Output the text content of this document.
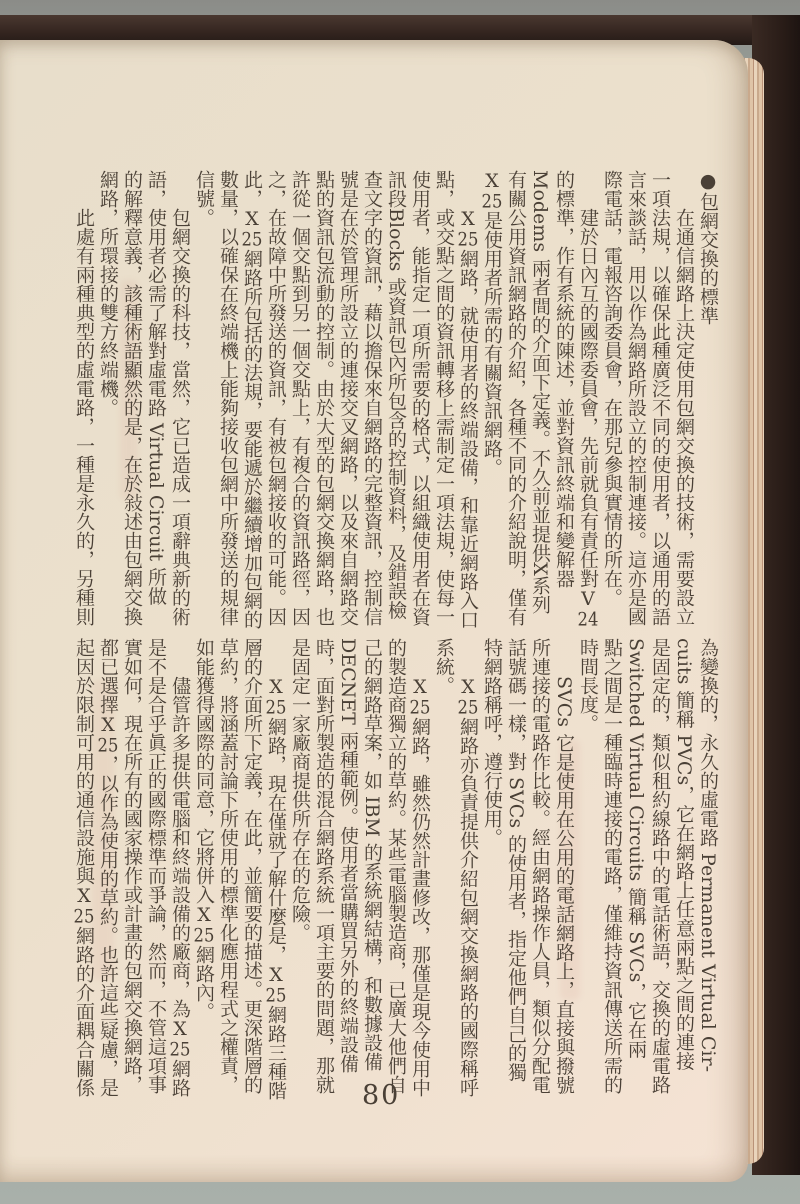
●包網交換的標準
在通信網路上決定使用包網交換的技術，需要設立
一項法規，以確保此種廣泛不同的使用者，以通用的語
言來談話，用以作為網路所設立的控制連接。這亦是國
際電話，電報咨詢委員會，在那兒參與實情的所在。
建於日內互的國際委員會，先前就負有責任對V24
的標準，作有系統的陳述，並對資訊終端和變解器
Modems 兩者間的介面下定義。不久前並提供X系列
有關公用資訊網路的介紹，各種不同的介紹說明，僅有
X25是使用者所需的有關資訊網路。
X25網路，就使用者的終端設備，和靠近網路入口
點，或交點之間的資訊轉移上需制定一項法規，使每一
使用者，能指定一項所需要的格式，以組織使用者在資
訊段Blocks 或資訊包內所包含的控制資料，及錯誤檢
查文字的資訊，藉以擔保來自網路的完整資訊，控制信
號是在於管理所設立的連接交叉網路，以及來自網路交
點的資訊包流動的控制。由於大型的包網交換網路，也
許從一個交點到另一個交點上，有複合的資訊路徑，因
之，在故障中所發送的資訊，有被包網接收的可能。因
此，X25網路所包括的法規，要能遞於繼續增加包網的
數量，以確保在終端機上能夠接收包網中所發送的規律
信號。
包網交換的科技，當然，它已造成一項辭典新的術
語，使用者必需了解對虛電路 Virtual Circuit 所做
的解釋意義，該種術語顯然的是，在於敍述由包網交換
網路，所環接的雙方終端機。
此處有兩種典型的虛電路，一種是永久的，另種則
為變換的，永久的虛電路 Permanent Virtual Cir-
cuits 簡稱 PVCs，它在網路上任意兩點之間的連接
是固定的，類似租約線路中的電話術語，交換的虛電路
Switched Virtual Circuits 簡稱 SVCs，它在兩
點之間是一種臨時連接的電路，僅維持資訊傳送所需的
時間長度。
SVCs 它是使用在公用的電話網路上，直接與撥號
所連接的電路作比較。經由網路操作人員，類似分配電
話號碼一樣，對 SVCs 的使用者，指定他們自己的獨
特網路稱呼，遵行使用。
X25網路亦負責提供介紹包網交換網路的國際稱呼
系統。
X25網路，雖然仍然計畫修改，那僅是現今使用中
的製造商獨立的草約。某些電腦製造商，已廣大他們自
己的網路草案，如 IBM 的系統網結構，和數據設備
DECNET 兩種範例。使用者當購買另外的終端設備
時，面對所製造的混合網路系統一項主要的問題，那就
是固定一家廠商提供所存在的危險。
X25網路，現在僅就了解什麼是，X25網路三種階
層的介面所下定義，在此，並簡要的描述。更深階層的
草約，將涵蓋討論下所使用的標準化應用程式之權責，
如能獲得國際的同意，它將併入X25網路內。
儘管許多提供電腦和終端設備的廠商，為X25網路
是不是合乎眞正的國際標準而爭論，然而，不管這項事
實如何，現在所有的國家操作或計畫的包網交換網路，
都已選擇X25，以作為使用的草約。也許這些疑慮，是
起因於限制可用的通信設施與X25網路的介面耦合關係	80
